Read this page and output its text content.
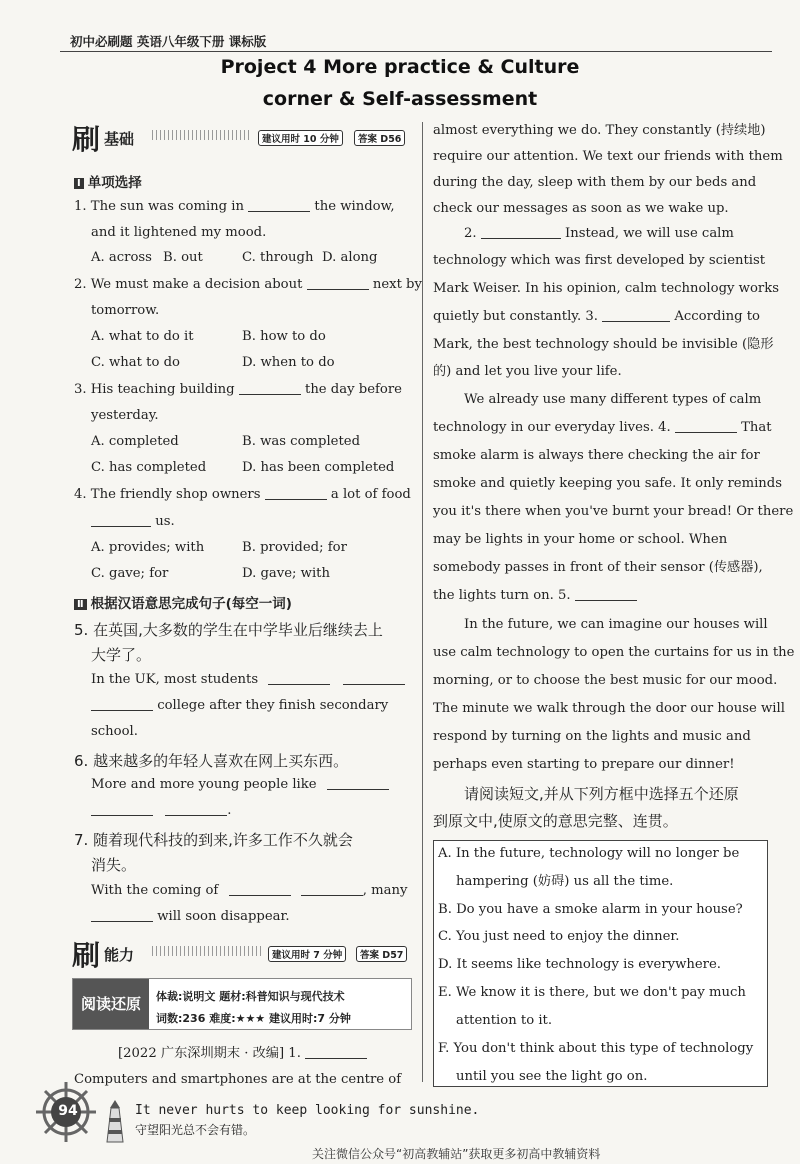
初中必刷题 英语八年级下册 课标版
Project 4 More practice & Culture
corner & Self-assessment
刷 基础	建议用时 10 分钟	答案 D56
Ⅰ 单项选择
1. The sun was coming in	the window,
and it lightened my mood.
A. across B. out	C. through D. along
2. We must make a decision about	next by
tomorrow.
A. what to do it	B. how to do
C. what to do	D. when to do
3. His teaching building	the day before
yesterday.
A. completed	B. was completed
C. has completed	D. has been completed
4. The friendly shop owners	a lot of food
us.
A. provides; with	B. provided; for
C. gave; for	D. gave; with
Ⅱ 根据汉语意思完成句子(每空一词)
5. 在英国,大多数的学生在中学毕业后继续去上
大学了。
In the UK, most students
college after they finish secondary
school.
6. 越来越多的年轻人喜欢在网上买东西。
More and more young people like
.
7. 随着现代科技的到来,许多工作不久就会
消失。
With the coming of	, many
will soon disappear.
刷 能力	建议用时 7 分钟	答案 D57
阅读还原	体裁:说明文 题材:科普知识与现代技术
词数:236 难度:★★★ 建议用时:7 分钟
[2022 广东深圳期末 · 改编] 1.
Computers and smartphones are at the centre of
almost everything we do. They constantly (持续地)
require our attention. We text our friends with them
during the day, sleep with them by our beds and
check our messages as soon as we wake up.
2.	Instead, we will use calm
technology which was first developed by scientist
Mark Weiser. In his opinion, calm technology works
quietly but constantly. 3.	According to
Mark, the best technology should be invisible (隐形
的) and let you live your life.
We already use many different types of calm
technology in our everyday lives. 4.	That
smoke alarm is always there checking the air for
smoke and quietly keeping you safe. It only reminds
you it's there when you've burnt your bread! Or there
may be lights in your home or school. When
somebody passes in front of their sensor (传感器),
the lights turn on. 5.
In the future, we can imagine our houses will
use calm technology to open the curtains for us in the
morning, or to choose the best music for our mood.
The minute we walk through the door our house will
respond by turning on the lights and music and
perhaps even starting to prepare our dinner!
请阅读短文,并从下列方框中选择五个还原
到原文中,使原文的意思完整、连贯。
A. In the future, technology will no longer be
hampering (妨碍) us all the time.
B. Do you have a smoke alarm in your house?
C. You just need to enjoy the dinner.
D. It seems like technology is everywhere.
E. We know it is there, but we don't pay much
attention to it.
F. You don't think about this type of technology
until you see the light go on.
94	It never hurts to keep looking for sunshine.
守望阳光总不会有错。
关注微信公众号“初高教辅站”获取更多初高中教辅资料
